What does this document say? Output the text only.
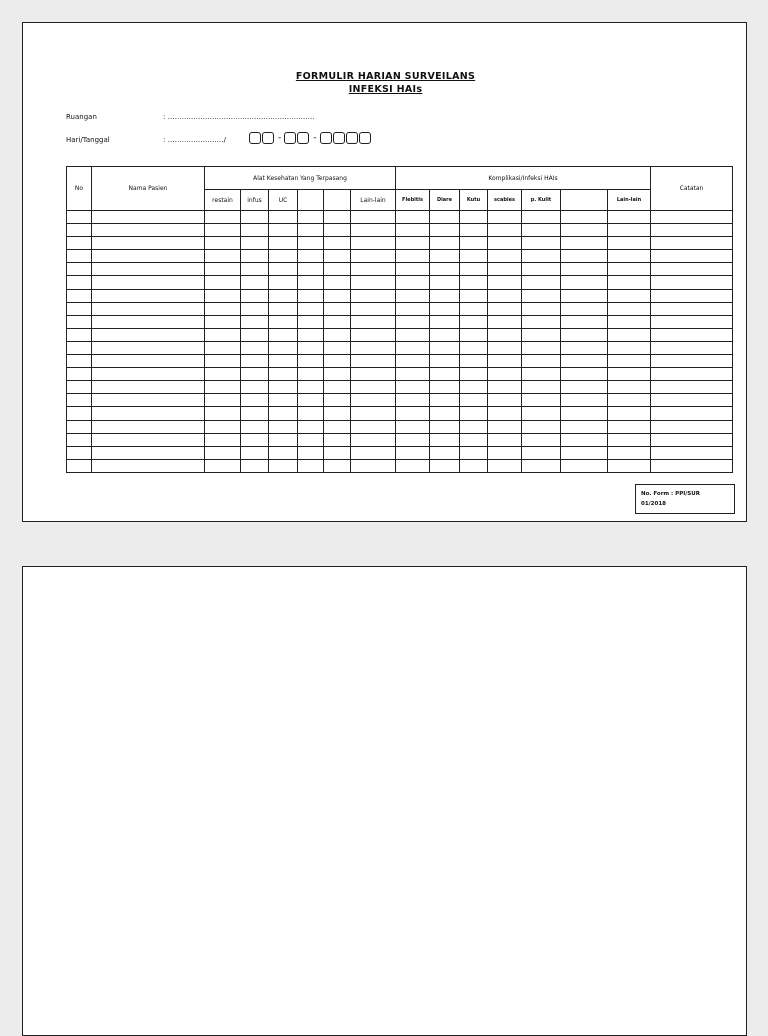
FORMULIR HARIAN SURVEILANS
INFEKSI HAIs
Ruangan	: ………………………………………………………
Hari/Tanggal	: ……………………/	-	-
No	Nama Pasien	Alat Kesehatan Yang Terpasang						Komplikasi/Infeksi HAIs							Catatan
		restain	infus	UC			Lain-lain	Flebitis	Diare	Kutu	scabies	p. Kulit		Lain-lain	

No. Form : PPI/SUR
01/2018
